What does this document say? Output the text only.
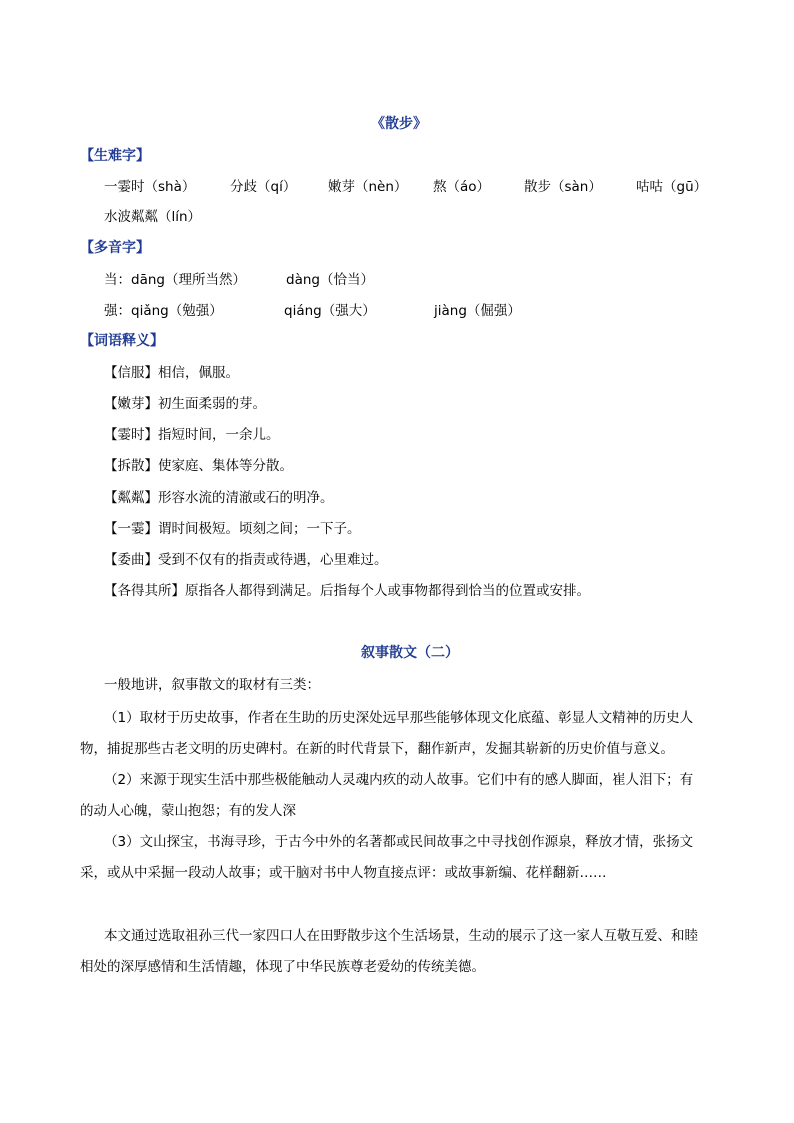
《散步》
【生难字】
一霎时（shà）	分歧（qí） 嫩芽（nèn） 熬（áo）	散步（sàn）	咕咕（gū）
水波粼粼（lín）
【多音字】
当：dāng（理所当然）	dàng（恰当）
强：qiǎng（勉强）	qiáng（强大）	jiàng（倔强）
【词语释义】
【信服】相信，佩服。
【嫩芽】初生面柔弱的芽。
【霎时】指短时间，一余儿。
【拆散】使家庭、集体等分散。
【粼粼】形容水流的清澈或石的明净。
【一霎】谓时间极短。顷刻之间；一下子。
【委曲】受到不仅有的指责或待遇，心里难过。
【各得其所】原指各人都得到满足。后指每个人或事物都得到恰当的位置或安排。
叙事散文（二）
一般地讲，叙事散文的取材有三类：
（1）取材于历史故事，作者在生助的历史深处远早那些能够体现文化底蕴、彰显人文精神的历史人
物，捕捉那些古老文明的历史碑村。在新的时代背景下，翻作新声，发掘其崭新的历史价值与意义。
（2）来源于现实生活中那些极能触动人灵魂内疚的动人故事。它们中有的感人脚面，崔人泪下；有
的动人心魄，蒙山抱怨；有的发人深
（3）文山探宝，书海寻珍，于古今中外的名著都或民间故事之中寻找创作源泉，释放才情，张扬文
采，或从中采掘一段动人故事；或干脑对书中人物直接点评：或故事新编、花样翻新……
本文通过选取祖孙三代一家四口人在田野散步这个生活场景，生动的展示了这一家人互敬互爱、和睦
相处的深厚感情和生活情趣，体现了中华民族尊老爱幼的传统美德。
